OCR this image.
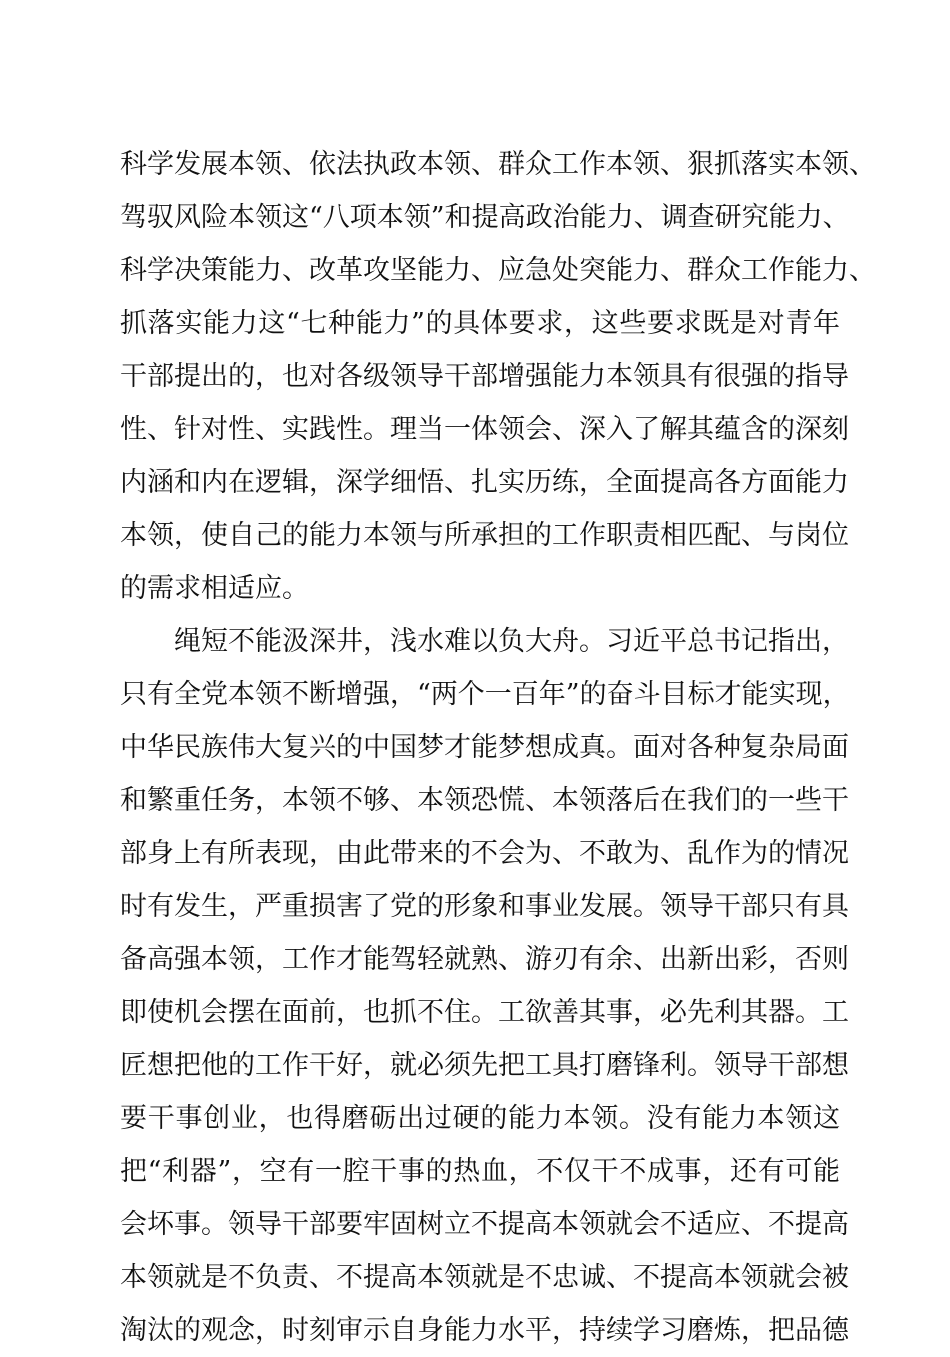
科学发展本领、依法执政本领、群众工作本领、狠抓落实本领、
驾驭风险本领这“八项本领”和提高政治能力、调查研究能力、
科学决策能力、改革攻坚能力、应急处突能力、群众工作能力、
抓落实能力这“七种能力”的具体要求，这些要求既是对青年
干部提出的，也对各级领导干部增强能力本领具有很强的指导
性、针对性、实践性。理当一体领会、深入了解其蕴含的深刻
内涵和内在逻辑，深学细悟、扎实历练，全面提高各方面能力
本领，使自己的能力本领与所承担的工作职责相匹配、与岗位
的需求相适应。
绳短不能汲深井，浅水难以负大舟。习近平总书记指出，
只有全党本领不断增强，“两个一百年”的奋斗目标才能实现，
中华民族伟大复兴的中国梦才能梦想成真。面对各种复杂局面
和繁重任务，本领不够、本领恐慌、本领落后在我们的一些干
部身上有所表现，由此带来的不会为、不敢为、乱作为的情况
时有发生，严重损害了党的形象和事业发展。领导干部只有具
备高强本领，工作才能驾轻就熟、游刃有余、出新出彩，否则
即使机会摆在面前，也抓不住。工欲善其事，必先利其器。工
匠想把他的工作干好，就必须先把工具打磨锋利。领导干部想
要干事创业，也得磨砺出过硬的能力本领。没有能力本领这
把“利器”，空有一腔干事的热血，不仅干不成事，还有可能
会坏事。领导干部要牢固树立不提高本领就会不适应、不提高
本领就是不负责、不提高本领就是不忠诚、不提高本领就会被
淘汰的观念，时刻审示自身能力水平，持续学习磨炼，把品德
